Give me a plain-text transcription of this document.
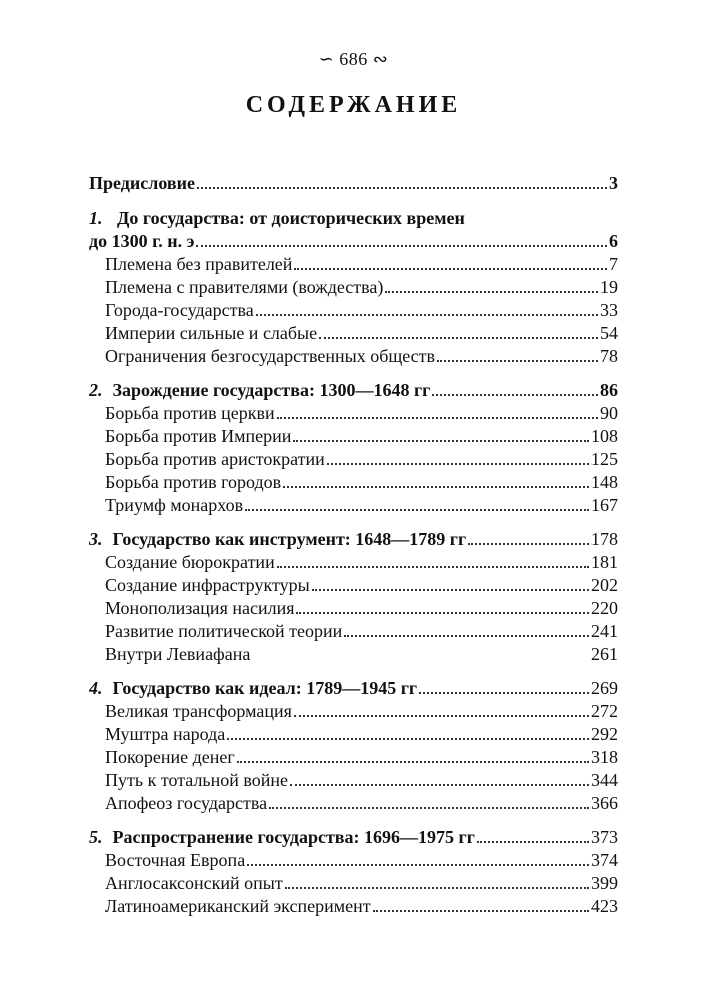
∽ 686 ∾
СОДЕРЖАНИЕ
Предисловие	3
1. До государства: от доисторических времен
до 1300 г. н. э	6
Племена без правителей	7
Племена с правителями (вождества)	19
Города-государства	33
Империи сильные и слабые	54
Ограничения безгосударственных обществ	78
2. Зарождение государства: 1300—1648 гг	86
Борьба против церкви	90
Борьба против Империи	108
Борьба против аристократии	125
Борьба против городов	148
Триумф монархов	167
3. Государство как инструмент: 1648—1789 гг	178
Создание бюрократии	181
Создание инфраструктуры	202
Монополизация насилия	220
Развитие политической теории	241
Внутри Левиафана	261
4. Государство как идеал: 1789—1945 гг	269
Великая трансформация	272
Муштра народа	292
Покорение денег	318
Путь к тотальной войне	344
Апофеоз государства	366
5. Распространение государства: 1696—1975 гг	373
Восточная Европа	374
Англосаксонский опыт	399
Латиноамериканский эксперимент	423
